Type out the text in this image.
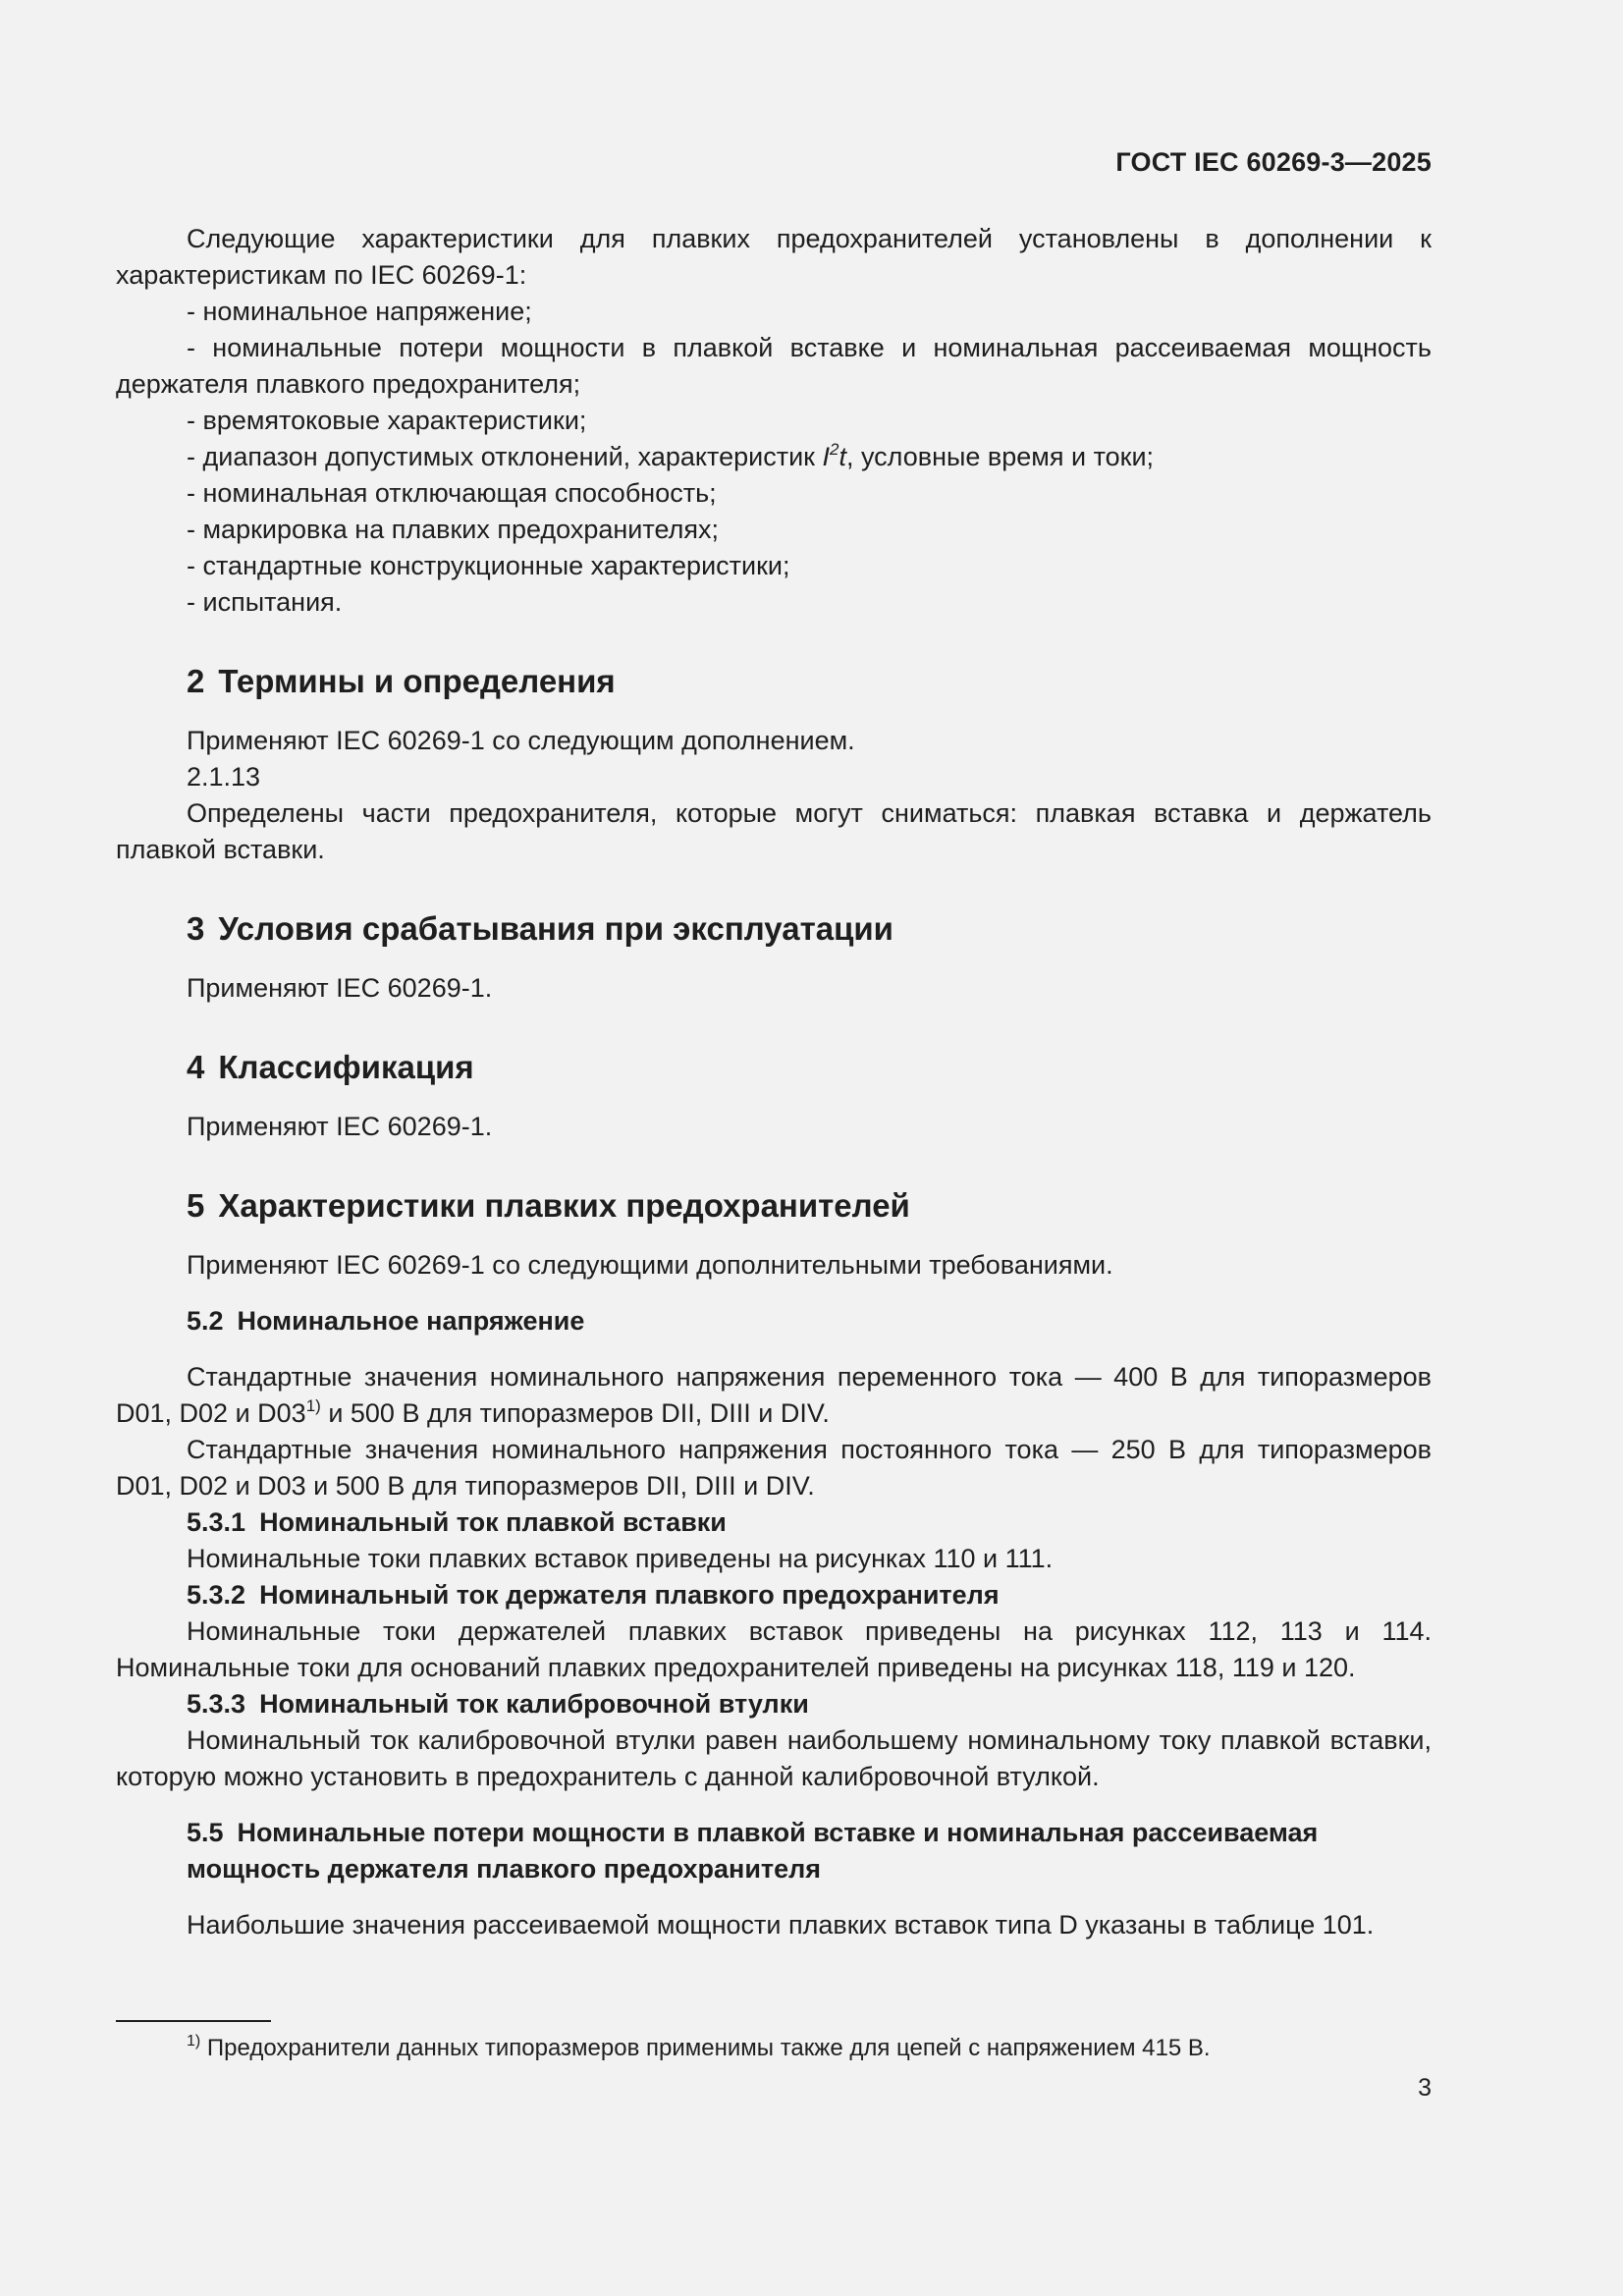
ГОСТ IEC 60269-3—2025

Следующие характеристики для плавких предохранителей установлены в дополнении к характеристикам по IEC 60269-1:

- номинальное напряжение;
- номинальные потери мощности в плавкой вставке и номинальная рассеиваемая мощность держателя плавкого предохранителя;
- времятоковые характеристики;
- диапазон допустимых отклонений, характеристик $I^2t$, условные время и токи;
- номинальная отключающая способность;
- маркировка на плавких предохранителях;
- стандартные конструкционные характеристики;
- испытания.
2 Термины и определения

Применяют IEC 60269-1 со следующим дополнением.

2.1.13

Определены части предохранителя, которые могут сниматься: плавкая вставка и держатель плавкой вставки.

3 Условия срабатывания при эксплуатации

Применяют IEC 60269-1.

4 Классификация

Применяют IEC 60269-1.

5 Характеристики плавких предохранителей

Применяют IEC 60269-1 со следующими дополнительными требованиями.

5.2 Номинальное напряжение

Стандартные значения номинального напряжения переменного тока — 400 В для типоразмеров D01, D02 и D03$^{1)}$ и 500 В для типоразмеров DII, DIII и DIV.

Стандартные значения номинального напряжения постоянного тока — 250 В для типоразмеров D01, D02 и D03 и 500 В для типоразмеров DII, DIII и DIV.

5.3.1 Номинальный ток плавкой вставки

Номинальные токи плавких вставок приведены на рисунках 110 и 111.

5.3.2 Номинальный ток держателя плавкого предохранителя

Номинальные токи держателей плавких вставок приведены на рисунках 112, 113 и 114. Номинальные токи для оснований плавких предохранителей приведены на рисунках 118, 119 и 120.

5.3.3 Номинальный ток калибровочной втулки

Номинальный ток калибровочной втулки равен наибольшему номинальному току плавкой вставки, которую можно установить в предохранитель с данной калибровочной втулкой.

5.5 Номинальные потери мощности в плавкой вставке и номинальная рассеиваемая
мощность держателя плавкого предохранителя

Наибольшие значения рассеиваемой мощности плавких вставок типа D указаны в таблице 101.

$^{1)}$ Предохранители данных типоразмеров применимы также для цепей с напряжением 415 В.
3
